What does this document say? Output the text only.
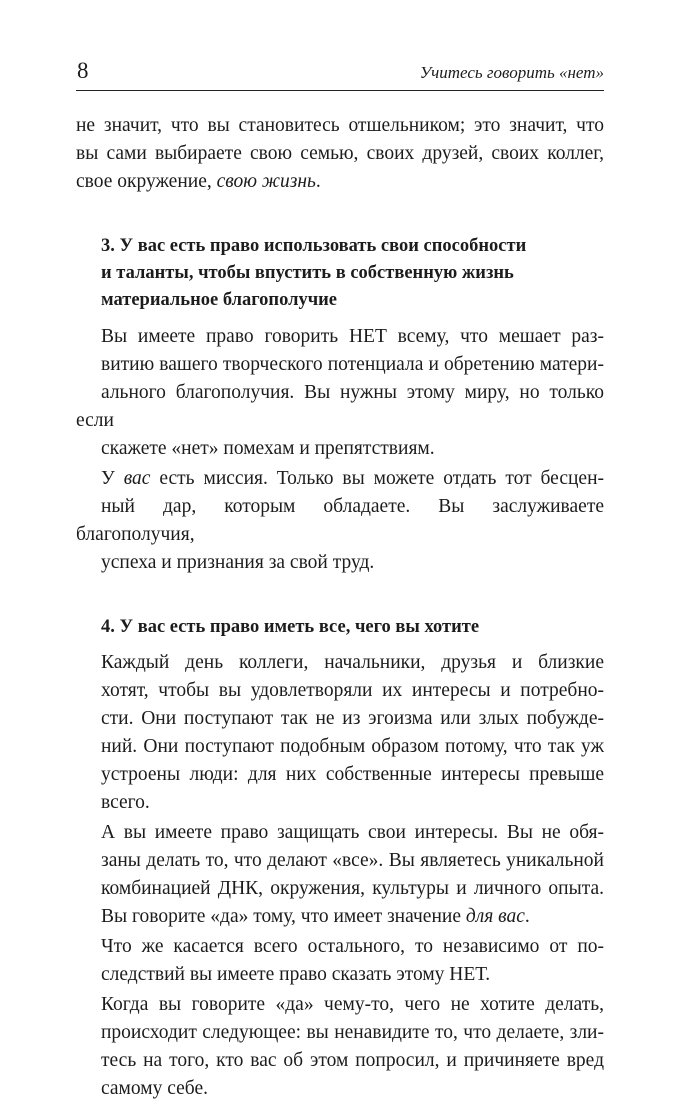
8	Учитесь говорить «нет»

не значит, что вы становитесь отшельником; это значит, что
вы сами выбираете свою семью, своих друзей, своих коллег,
свое окружение, свою жизнь.

3. У вас есть право использовать свои способности
и таланты, чтобы впустить в собственную жизнь
материальное благополучие

Вы имеете право говорить НЕТ всему, что мешает раз-
витию вашего творческого потенциала и обретению матери-
ального благополучия. Вы нужны этому миру, но только если
скажете «нет» помехам и препятствиям.

У вас есть миссия. Только вы можете отдать тот бесцен-
ный дар, которым обладаете. Вы заслуживаете благополучия,
успеха и признания за свой труд.

4. У вас есть право иметь все, чего вы хотите

Каждый день коллеги, начальники, друзья и близкие
хотят, чтобы вы удовлетворяли их интересы и потребно-
сти. Они поступают так не из эгоизма или злых побужде-
ний. Они поступают подобным образом потому, что так уж
устроены люди: для них собственные интересы превыше
всего.

А вы имеете право защищать свои интересы. Вы не обя-
заны делать то, что делают «все». Вы являетесь уникальной
комбинацией ДНК, окружения, культуры и личного опыта.
Вы говорите «да» тому, что имеет значение для вас.

Что же касается всего остального, то независимо от по-
следствий вы имеете право сказать этому НЕТ.

Когда вы говорите «да» чему-то, чего не хотите делать,
происходит следующее: вы ненавидите то, что делаете, зли-
тесь на того, кто вас об этом попросил, и причиняете вред
самому себе.
